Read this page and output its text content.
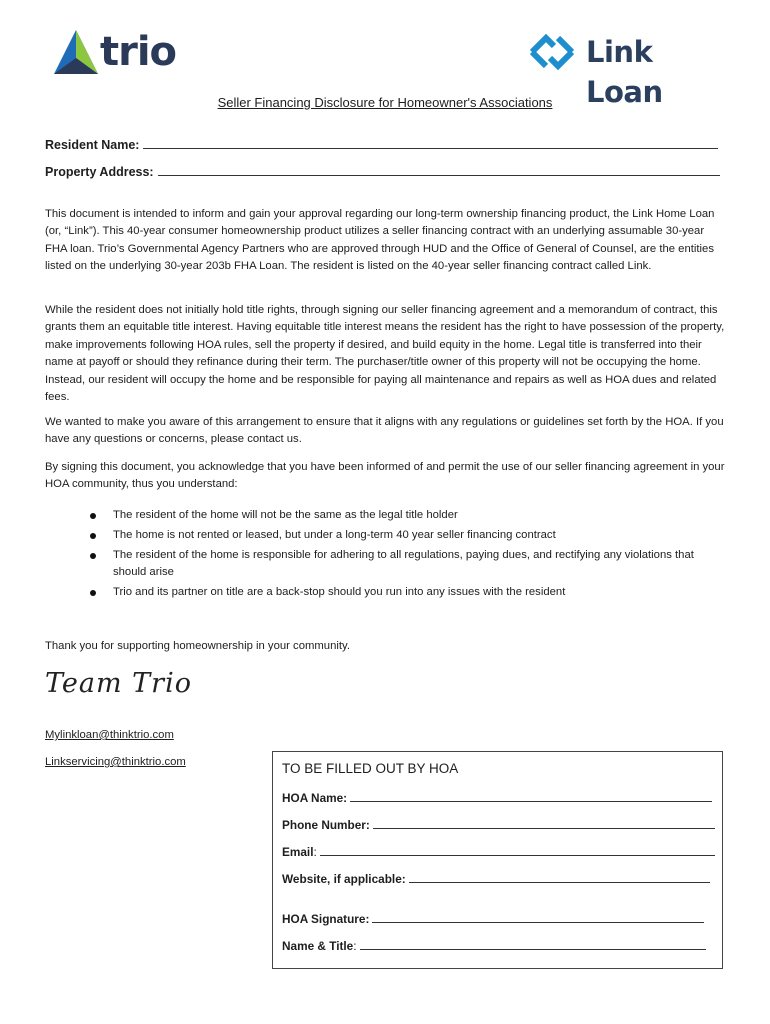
trio	Link Loan
Seller Financing Disclosure for Homeowner's Associations
Resident Name:
Property Address:
This document is intended to inform and gain your approval regarding our long-term ownership financing product, the Link Home Loan (or, “Link”). This 40-year consumer homeownership product utilizes a seller financing contract with an underlying assumable 30-year FHA loan. Trio’s Governmental Agency Partners who are approved through HUD and the Office of General of Counsel, are the entities listed on the underlying 30-year 203b FHA Loan. The resident is listed on the 40-year seller financing contract called Link.
While the resident does not initially hold title rights, through signing our seller financing agreement and a memorandum of contract, this grants them an equitable title interest. Having equitable title interest means the resident has the right to have possession of the property, make improvements following HOA rules, sell the property if desired, and build equity in the home. Legal title is transferred into their name at payoff or should they refinance during their term. The purchaser/title owner of this property will not be occupying the home. Instead, our resident will occupy the home and be responsible for paying all maintenance and repairs as well as HOA dues and related fees.
We wanted to make you aware of this arrangement to ensure that it aligns with any regulations or guidelines set forth by the HOA. If you have any questions or concerns, please contact us.
By signing this document, you acknowledge that you have been informed of and permit the use of our seller financing agreement in your HOA community, thus you understand:
The resident of the home will not be the same as the legal title holder
The home is not rented or leased, but under a long-term 40 year seller financing contract
The resident of the home is responsible for adhering to all regulations, paying dues, and rectifying any violations that should arise
Trio and its partner on title are a back-stop should you run into any issues with the resident
Thank you for supporting homeownership in your community.
Team Trio
Mylinkloan@thinktrio.com
Linkservicing@thinktrio.com	TO BE FILLED OUT BY HOA
HOA Name:
Phone Number:
Email:
Website, if applicable:
HOA Signature:
Name & Title:
